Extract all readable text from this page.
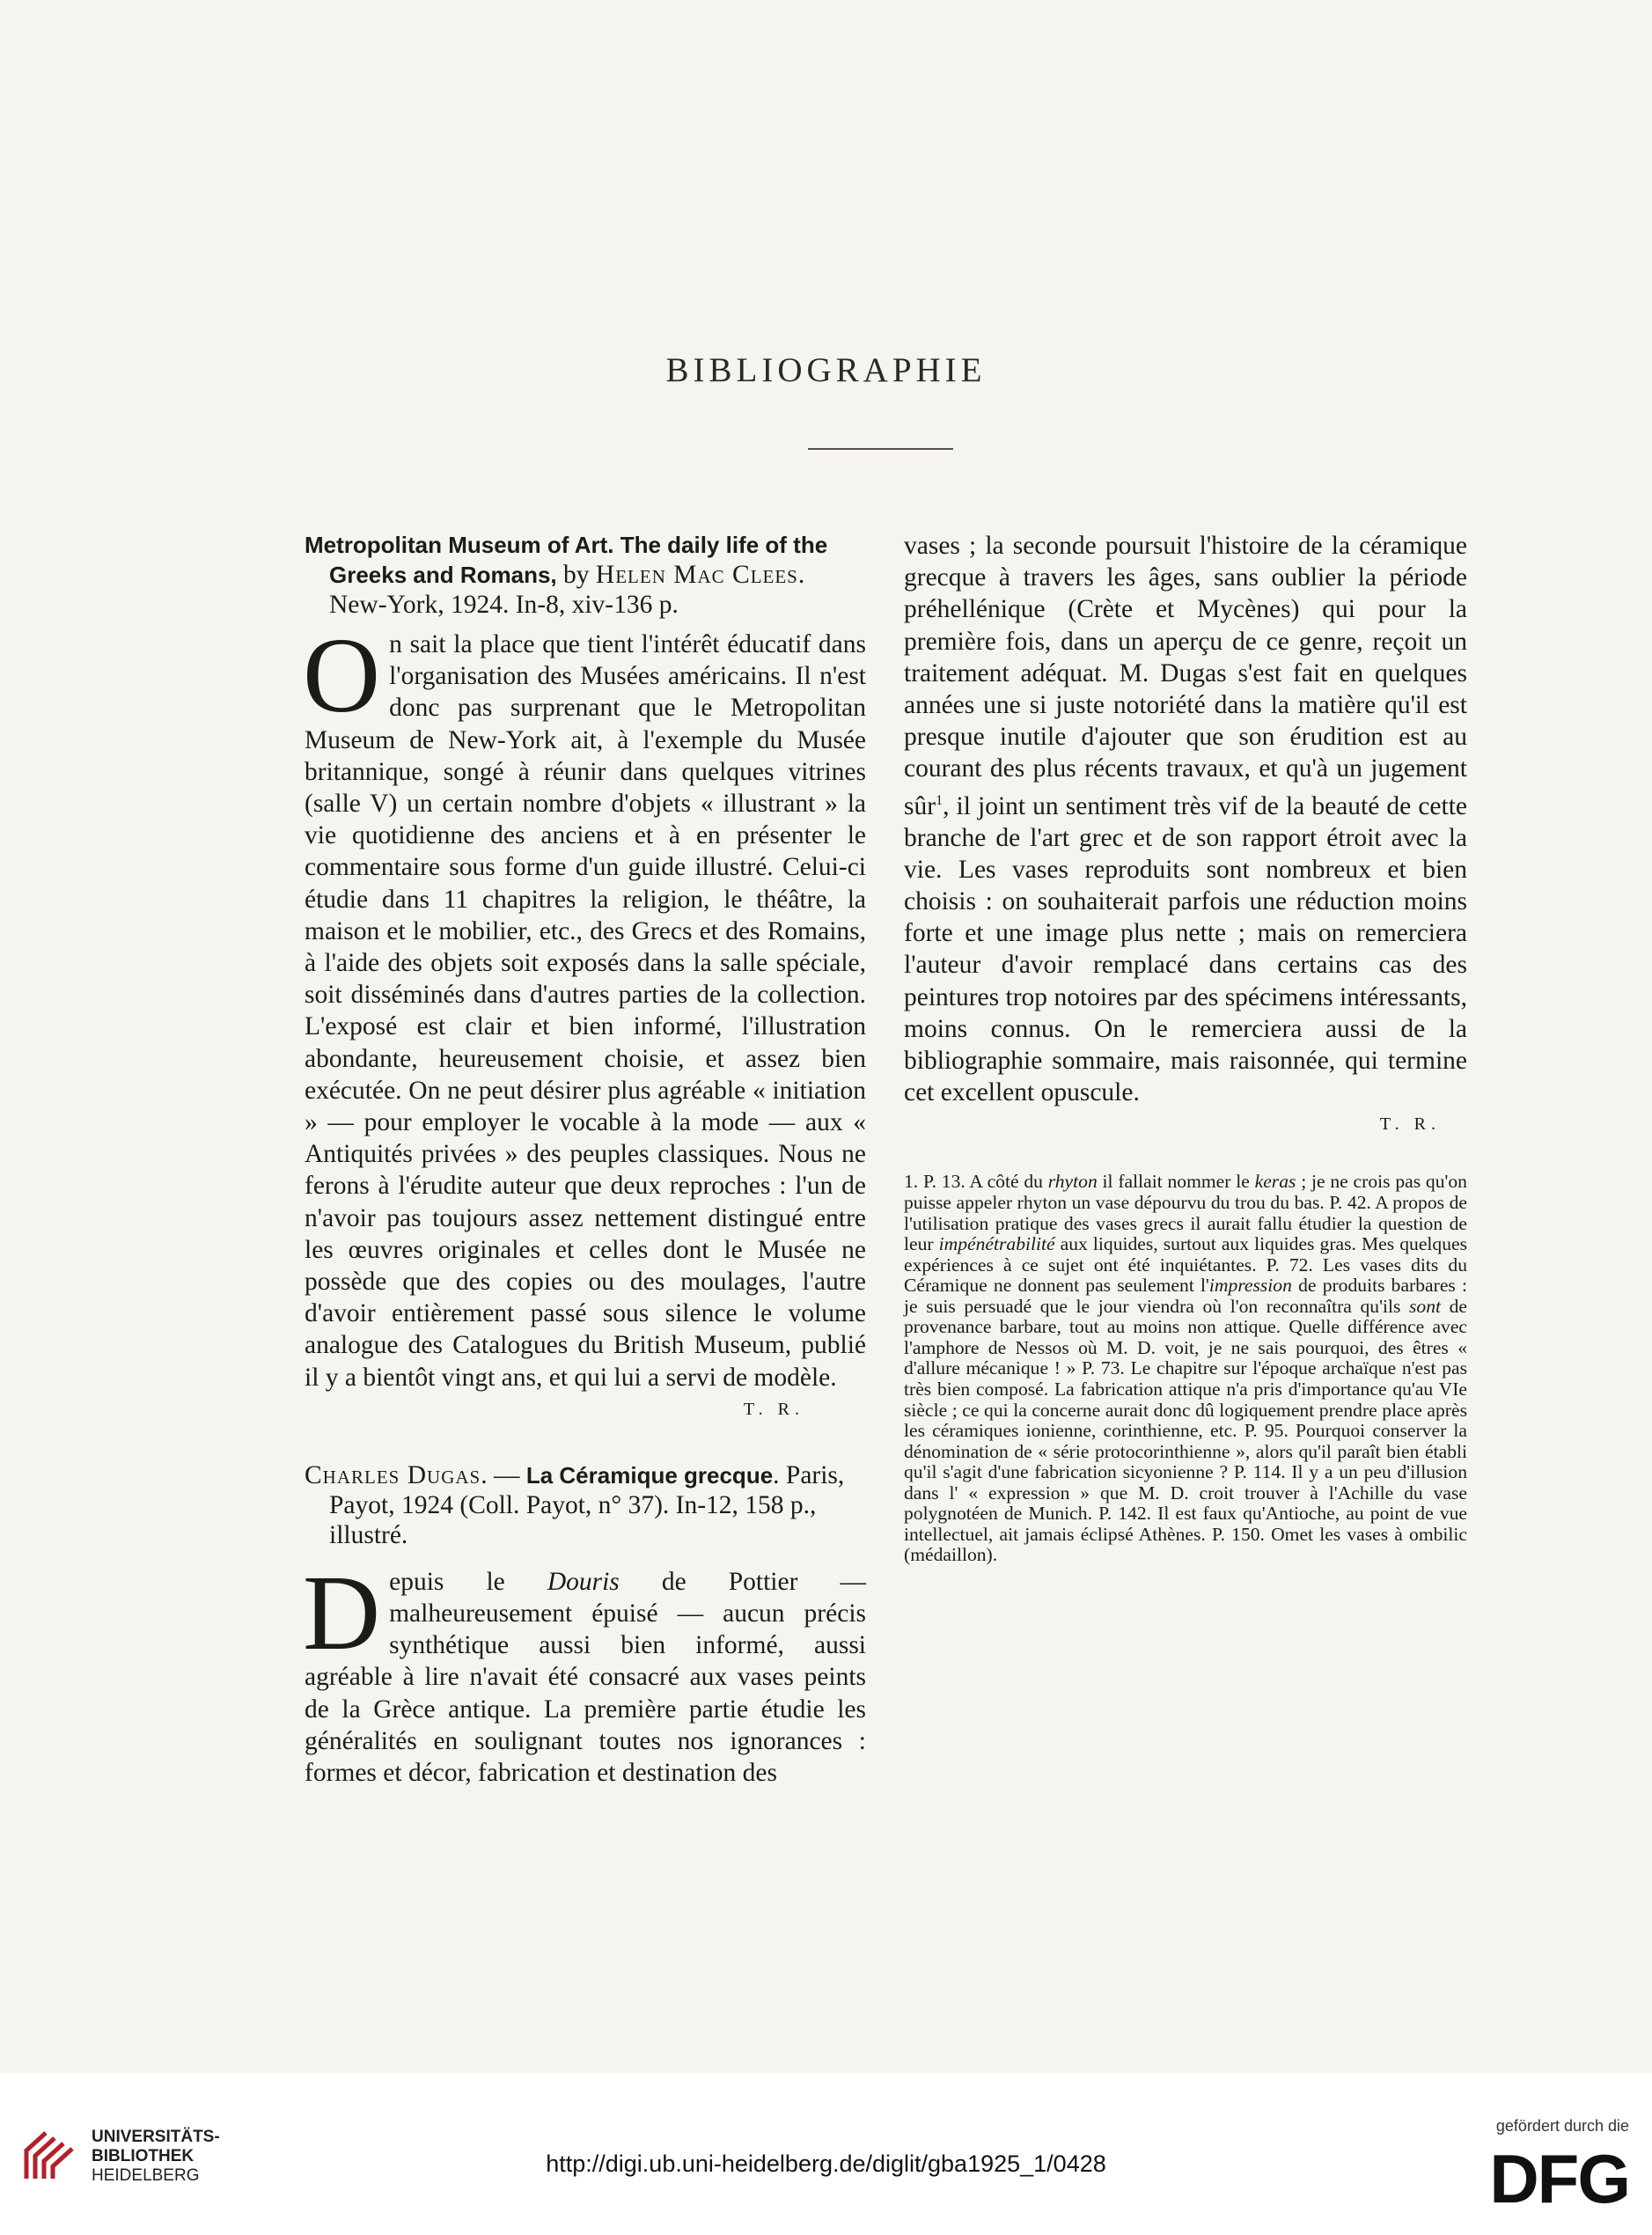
BIBLIOGRAPHIE

Metropolitan Museum of Art. The daily life of the Greeks and Romans, by Helen Mac Clees. New-York, 1924. In-8, xiv-136 p.

On sait la place que tient l'intérêt éducatif dans l'organisation des Musées américains. Il n'est donc pas surprenant que le Metropolitan Museum de New-York ait, à l'exemple du Musée britannique, songé à réunir dans quelques vitrines (salle V) un certain nombre d'objets « illustrant » la vie quotidienne des anciens et à en présenter le commentaire sous forme d'un guide illustré. Celui-ci étudie dans 11 chapitres la religion, le théâtre, la maison et le mobilier, etc., des Grecs et des Romains, à l'aide des objets soit exposés dans la salle spéciale, soit disséminés dans d'autres parties de la collection. L'exposé est clair et bien informé, l'illustration abondante, heureusement choisie, et assez bien exécutée. On ne peut désirer plus agréable « initiation » — pour employer le vocable à la mode — aux « Antiquités privées » des peuples classiques. Nous ne ferons à l'érudite auteur que deux reproches : l'un de n'avoir pas toujours assez nettement distingué entre les œuvres originales et celles dont le Musée ne possède que des copies ou des moulages, l'autre d'avoir entièrement passé sous silence le volume analogue des Catalogues du British Museum, publié il y a bientôt vingt ans, et qui lui a servi de modèle.

T. R.

Charles Dugas. — La Céramique grecque. Paris, Payot, 1924 (Coll. Payot, n° 37). In-12, 158 p., illustré.

Depuis le Douris de Pottier — malheureusement épuisé — aucun précis synthétique aussi bien informé, aussi agréable à lire n'avait été consacré aux vases peints de la Grèce antique. La première partie étudie les généralités en soulignant toutes nos ignorances : formes et décor, fabrication et destination des

vases ; la seconde poursuit l'histoire de la céramique grecque à travers les âges, sans oublier la période préhellénique (Crète et Mycènes) qui pour la première fois, dans un aperçu de ce genre, reçoit un traitement adéquat. M. Dugas s'est fait en quelques années une si juste notoriété dans la matière qu'il est presque inutile d'ajouter que son érudition est au courant des plus récents travaux, et qu'à un jugement sûr$^1$, il joint un sentiment très vif de la beauté de cette branche de l'art grec et de son rapport étroit avec la vie. Les vases reproduits sont nombreux et bien choisis : on souhaiterait parfois une réduction moins forte et une image plus nette ; mais on remerciera l'auteur d'avoir remplacé dans certains cas des peintures trop notoires par des spécimens intéressants, moins connus. On le remerciera aussi de la bibliographie sommaire, mais raisonnée, qui termine cet excellent opuscule.

T. R.

1. P. 13. A côté du rhyton il fallait nommer le keras ; je ne crois pas qu'on puisse appeler rhyton un vase dépourvu du trou du bas. P. 42. A propos de l'utilisation pratique des vases grecs il aurait fallu étudier la question de leur impénétrabilité aux liquides, surtout aux liquides gras. Mes quelques expériences à ce sujet ont été inquiétantes. P. 72. Les vases dits du Céramique ne donnent pas seulement l'impression de produits barbares : je suis persuadé que le jour viendra où l'on reconnaîtra qu'ils sont de provenance barbare, tout au moins non attique. Quelle différence avec l'amphore de Nessos où M. D. voit, je ne sais pourquoi, des êtres « d'allure mécanique ! » P. 73. Le chapitre sur l'époque archaïque n'est pas très bien composé. La fabrication attique n'a pris d'importance qu'au VIe siècle ; ce qui la concerne aurait donc dû logiquement prendre place après les céramiques ionienne, corinthienne, etc. P. 95. Pourquoi conserver la dénomination de « série protocorinthienne », alors qu'il paraît bien établi qu'il s'agit d'une fabrication sicyonienne ? P. 114. Il y a un peu d'illusion dans l' « expression » que M. D. croit trouver à l'Achille du vase polygnotéen de Munich. P. 142. Il est faux qu'Antioche, au point de vue intellectuel, ait jamais éclipsé Athènes. P. 150. Omet les vases à ombilic (médaillon).

UNIVERSITÄTS-
BIBLIOTHEK
HEIDELBERG	http://digi.ub.uni-heidelberg.de/diglit/gba1925_1/0428
gefördert durch die
DFG
